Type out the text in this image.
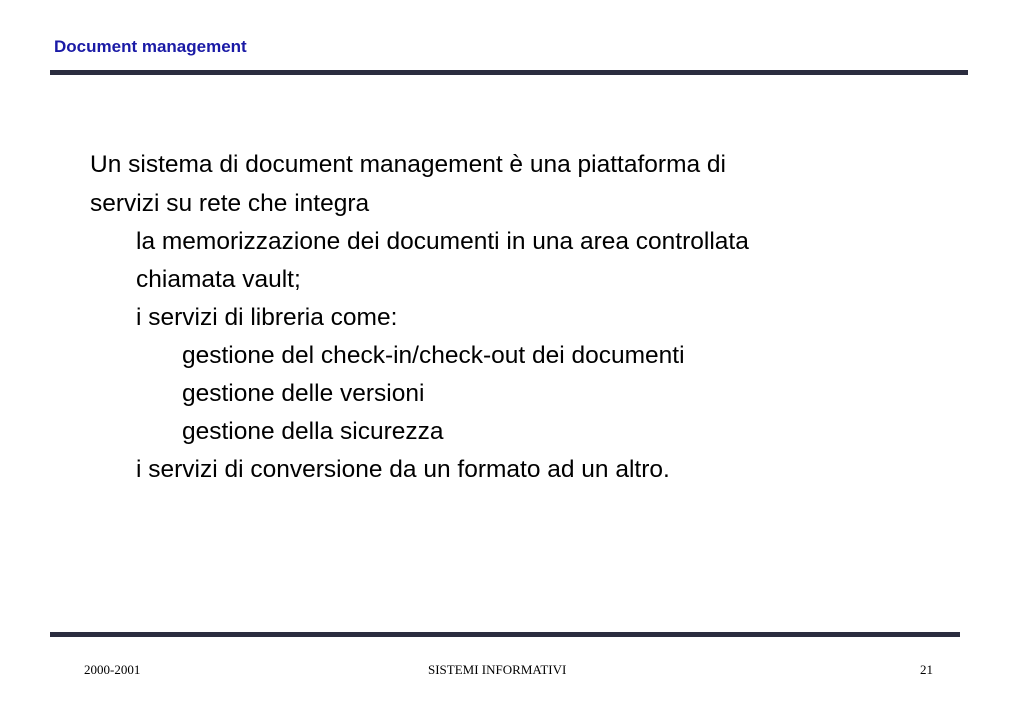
Document management
Un sistema di document management è una piattaforma di
servizi su rete che integra
la memorizzazione dei documenti in una area controllata
chiamata vault;
i servizi di libreria come:
gestione del check-in/check-out dei documenti
gestione delle versioni
gestione della sicurezza
i servizi di conversione da un formato ad un altro.
2000-2001	SISTEMI INFORMATIVI	21
